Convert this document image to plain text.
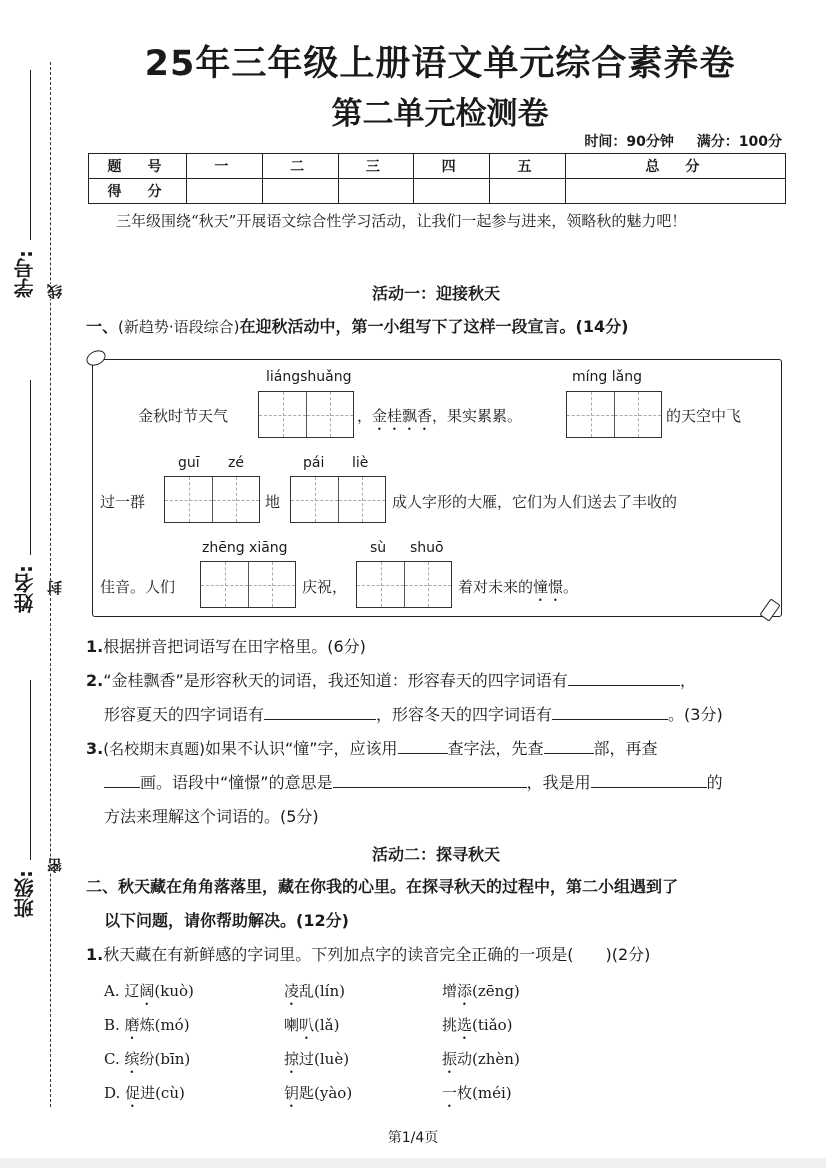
学号:
姓名:
班级:
线
封
密
25年三年级上册语文单元综合素养卷
第二单元检测卷
时间：90分钟 满分：100分
题　号	一	二	三	四	五	总　分
得　分						
三年级围绕“秋天”开展语文综合性学习活动，让我们一起参与进来，领略秋的魅力吧！
活动一：迎接秋天
一、(新趋势·语段综合)在迎秋活动中，第一小组写下了这样一段宣言。(14分)
liángshuǎng	míng lǎng
金秋时节天气	，金桂飘香，果实累累。	的天空中飞
guī zé	pái liè
过一群	地	成人字形的大雁，它们为人们送去了丰收的
zhēng xiāng	sù shuō
佳音。人们	庆祝，	着对未来的憧憬。
1.根据拼音把词语写在田字格里。(6分)
2.“金桂飘香”是形容秋天的词语，我还知道：形容春天的四字词语有	，
形容夏天的四字词语有	，形容冬天的四字词语有	。(3分)
3.(名校期末真题)如果不认识“憧”字，应该用	查字法，先查	部，再查
画。语段中“憧憬”的意思是	，我是用	的
方法来理解这个词语的。(5分)
活动二：探寻秋天
二、秋天藏在角角落落里，藏在你我的心里。在探寻秋天的过程中，第二小组遇到了
以下问题，请你帮助解决。(12分)
1.秋天藏在有新鲜感的字词里。下列加点字的读音完全正确的一项是(　　)(2分)
A. 辽阔(kuò)	凌乱(lín)	增添(zēng)
B. 磨炼(mó)	喇叭(lǎ)	挑选(tiǎo)
C. 缤纷(bīn)	掠过(luè)	振动(zhèn)
D. 促进(cù)	钥匙(yào)	一枚(méi)
第1/4页
